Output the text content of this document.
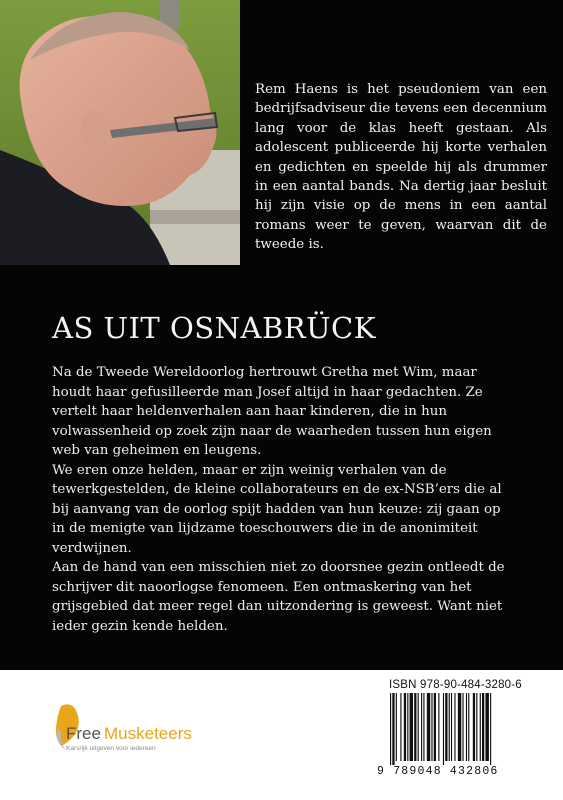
Rem Haens is het pseudoniem van een bedrijfsadviseur die tevens een decennium lang voor de klas heeft gestaan. Als adolescent publiceerde hij korte verhalen en gedichten en speelde hij als drummer in een aantal bands. Na dertig jaar besluit hij zijn visie op de mens in een aantal romans weer te geven, waarvan dit de tweede is.
AS UIT OSNABRÜCK

Na de Tweede Wereldoorlog hertrouwt Gretha met Wim, maar houdt haar gefusilleerde man Josef altijd in haar gedachten. Ze vertelt haar heldenverhalen aan haar kinderen, die in hun volwassenheid op zoek zijn naar de waarheden tussen hun eigen web van geheimen en leugens.

We eren onze helden, maar er zijn weinig verhalen van de tewerkgestelden, de kleine collaborateurs en de ex-NSB’ers die al bij aanvang van de oorlog spijt hadden van hun keuze: zij gaan op in de menigte van lijdzame toeschouwers die in de anonimiteit verdwijnen.

Aan de hand van een misschien niet zo doorsnee gezin ontleedt de schrijver dit naoorlogse fenomeen. Een ontmaskering van het grijsgebied dat meer regel dan uitzondering is geweest. Want niet ieder gezin kende helden.

Free Musketeers
Karsrijk uitgeven voor iedereen
ISBN 978-90-484-3280-6
9 789048 432806
